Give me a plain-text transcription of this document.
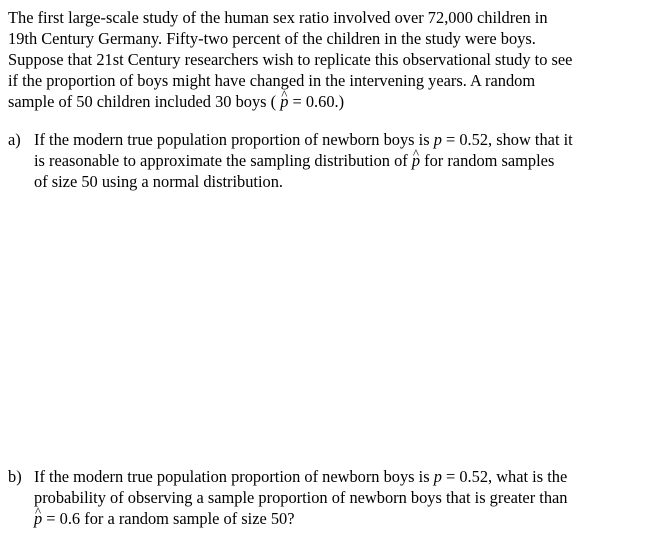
The first large-scale study of the human sex ratio involved over 72,000 children in

19th Century Germany. Fifty-two percent of the children in the study were boys.

Suppose that 21st Century researchers wish to replicate this observational study to see

if the proportion of boys might have changed in the intervening years. A random

sample of 50 children included 30 boys ( ^ p = 0.60.)

a) If the modern true population proportion of newborn boys is p = 0.52, show that it

is reasonable to approximate the sampling distribution of ^ p for random samples

of size 50 using a normal distribution.

b) If the modern true population proportion of newborn boys is p = 0.52, what is the

probability of observing a sample proportion of newborn boys that is greater than

^ p = 0.6 for a random sample of size 50?
